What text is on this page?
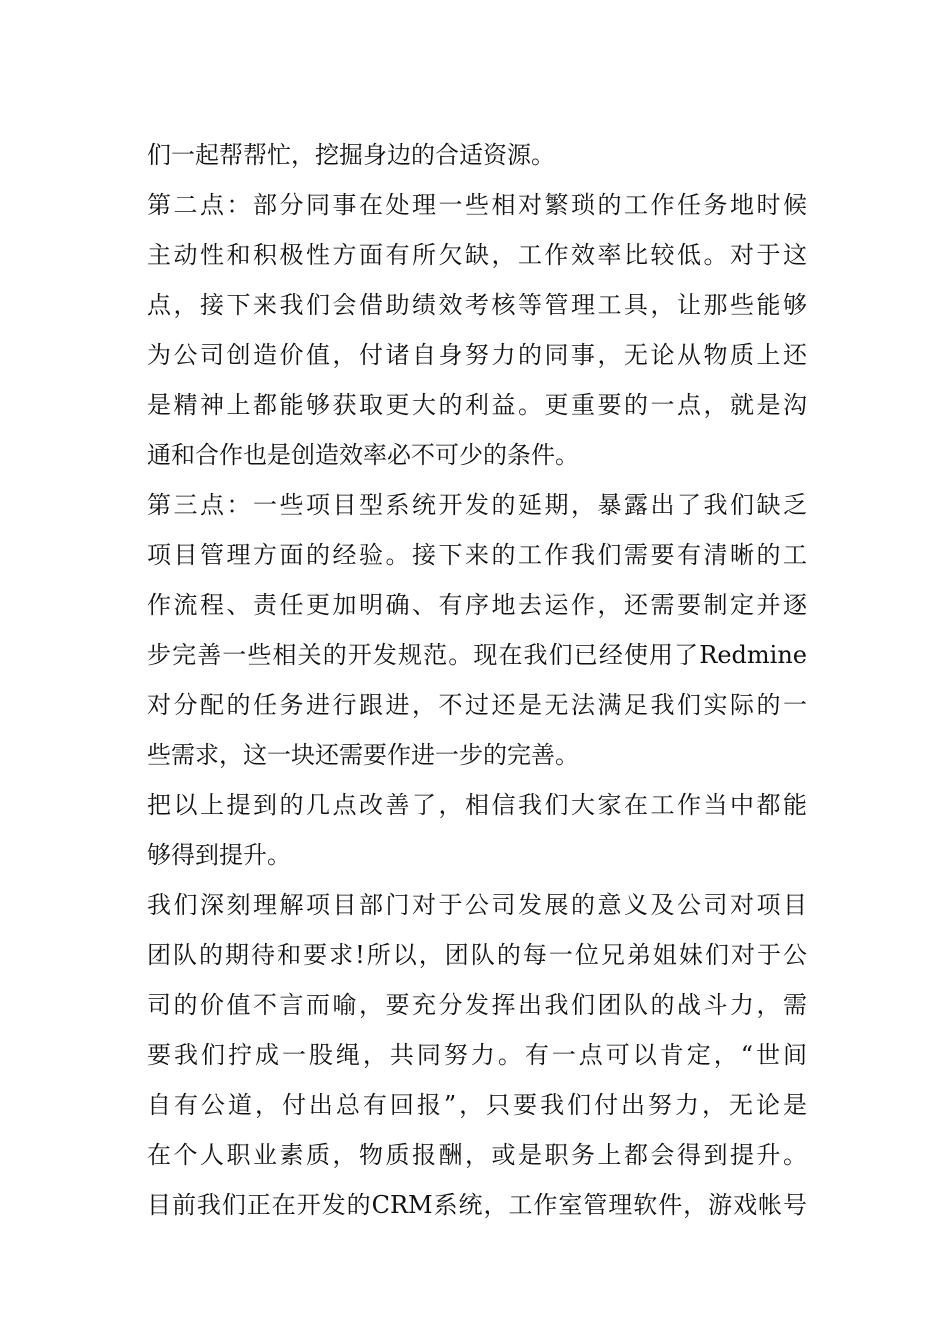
们一起帮帮忙，挖掘身边的合适资源。
第二点：部分同事在处理一些相对繁琐的工作任务地时候
主动性和积极性方面有所欠缺，工作效率比较低。对于这
点，接下来我们会借助绩效考核等管理工具，让那些能够
为公司创造价值，付诸自身努力的同事，无论从物质上还
是精神上都能够获取更大的利益。更重要的一点，就是沟
通和合作也是创造效率必不可少的条件。
第三点：一些项目型系统开发的延期，暴露出了我们缺乏
项目管理方面的经验。接下来的工作我们需要有清晰的工
作流程、责任更加明确、有序地去运作，还需要制定并逐
步完善一些相关的开发规范。现在我们已经使用了Redmine
对分配的任务进行跟进，不过还是无法满足我们实际的一
些需求，这一块还需要作进一步的完善。
把以上提到的几点改善了，相信我们大家在工作当中都能
够得到提升。
我们深刻理解项目部门对于公司发展的意义及公司对项目
团队的期待和要求!所以，团队的每一位兄弟姐妹们对于公
司的价值不言而喻，要充分发挥出我们团队的战斗力，需
要我们拧成一股绳，共同努力。有一点可以肯定，“世间
自有公道，付出总有回报”，只要我们付出努力，无论是
在个人职业素质，物质报酬，或是职务上都会得到提升。
目前我们正在开发的CRM系统，工作室管理软件，游戏帐号
